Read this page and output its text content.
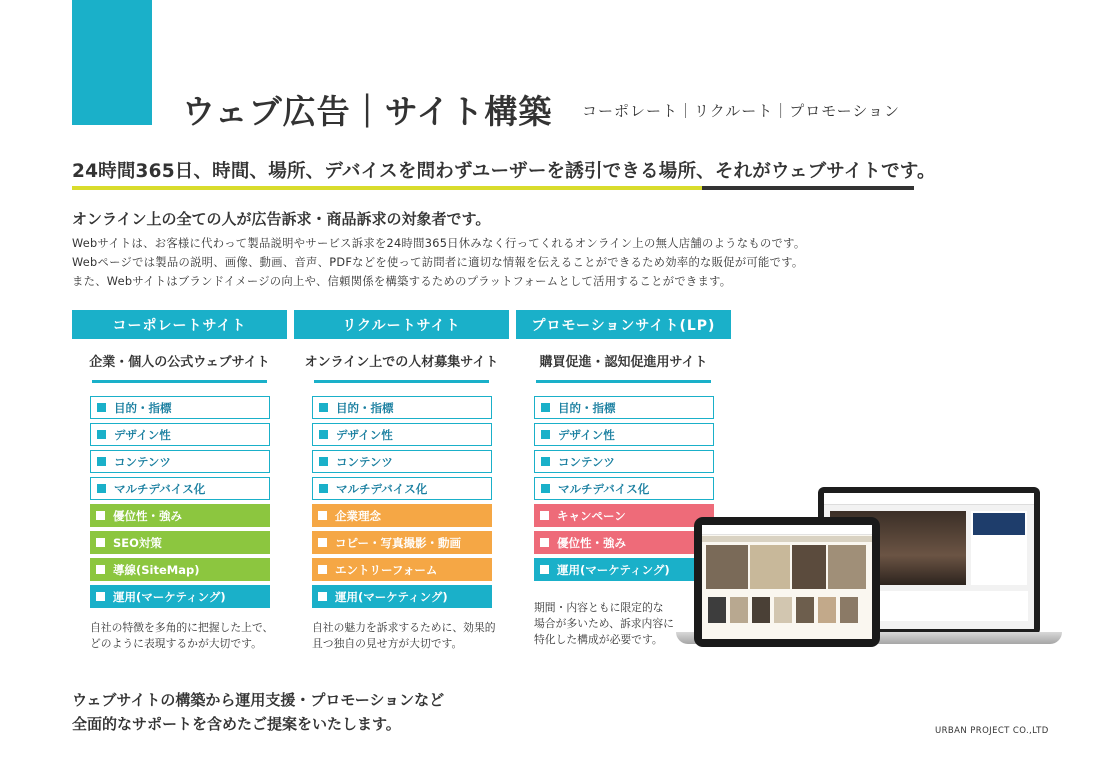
ウェブ広告｜サイト構築 コーポレート｜リクルート｜プロモーション
24時間365日、時間、場所、デバイスを問わずユーザーを誘引できる場所、それがウェブサイトです。
オンライン上の全ての人が広告訴求・商品訴求の対象者です。
Webサイトは、お客様に代わって製品説明やサービス訴求を24時間365日休みなく行ってくれるオンライン上の無人店舗のようなものです。
Webページでは製品の説明、画像、動画、音声、PDFなどを使って訪問者に適切な情報を伝えることができるため効率的な販促が可能です。
また、Webサイトはブランドイメージの向上や、信頼関係を構築するためのプラットフォームとして活用することができます。
コーポレートサイト
企業・個人の公式ウェブサイト
目的・指標
デザイン性
コンテンツ
マルチデバイス化
優位性・強み
SEO対策
導線(SiteMap)
運用(マーケティング)
自社の特徴を多角的に把握した上で、
どのように表現するかが大切です。
リクルートサイト
オンライン上での人材募集サイト
目的・指標
デザイン性
コンテンツ
マルチデバイス化
企業理念
コピー・写真撮影・動画
エントリーフォーム
運用(マーケティング)
自社の魅力を訴求するために、効果的
且つ独自の見せ方が大切です。
プロモーションサイト(LP)
購買促進・認知促進用サイト
目的・指標
デザイン性
コンテンツ
マルチデバイス化
キャンペーン
優位性・強み
運用(マーケティング)
期間・内容ともに限定的な
場合が多いため、訴求内容に
特化した構成が必要です。
ウェブサイトの構築から運用支援・プロモーションなど
全面的なサポートを含めたご提案をいたします。	URBAN PROJECT CO.,LTD
